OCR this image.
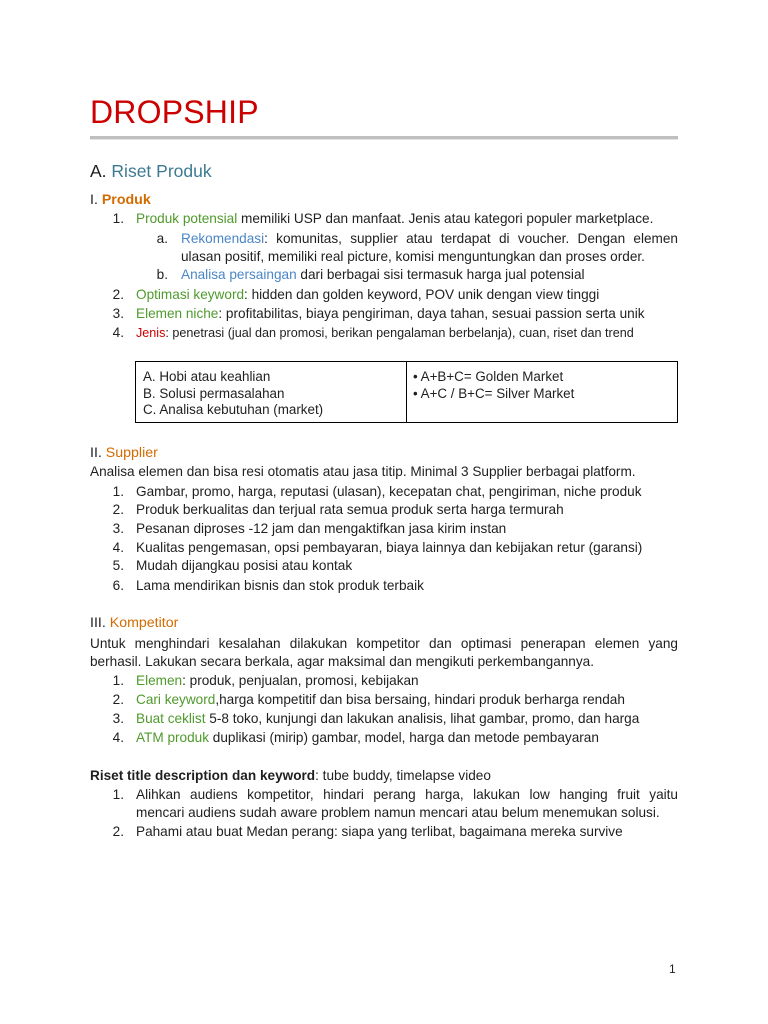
DROPSHIP
A. Riset Produk
I. Produk
1. Produk potensial memiliki USP dan manfaat. Jenis atau kategori populer marketplace.
a. Rekomendasi: komunitas, supplier atau terdapat di voucher. Dengan elemen
ulasan positif, memiliki real picture, komisi menguntungkan dan proses order.
b. Analisa persaingan dari berbagai sisi termasuk harga jual potensial
2. Optimasi keyword: hidden dan golden keyword, POV unik dengan view tinggi
3. Elemen niche: profitabilitas, biaya pengiriman, daya tahan, sesuai passion serta unik
4. Jenis: penetrasi (jual dan promosi, berikan pengalaman berbelanja), cuan, riset dan trend
A. Hobi atau keahlian
B. Solusi permasalahan
C. Analisa kebutuhan (market)
• A+B+C= Golden Market
• A+C / B+C= Silver Market
II. Supplier
Analisa elemen dan bisa resi otomatis atau jasa titip. Minimal 3 Supplier berbagai platform.
1. Gambar, promo, harga, reputasi (ulasan), kecepatan chat, pengiriman, niche produk
2. Produk berkualitas dan terjual rata semua produk serta harga termurah
3. Pesanan diproses -12 jam dan mengaktifkan jasa kirim instan
4. Kualitas pengemasan, opsi pembayaran, biaya lainnya dan kebijakan retur (garansi)
5. Mudah dijangkau posisi atau kontak
6. Lama mendirikan bisnis dan stok produk terbaik
III. Kompetitor
Untuk menghindari kesalahan dilakukan kompetitor dan optimasi penerapan elemen yang
berhasil. Lakukan secara berkala, agar maksimal dan mengikuti perkembangannya.
1. Elemen: produk, penjualan, promosi, kebijakan
2. Cari keyword,harga kompetitif dan bisa bersaing, hindari produk berharga rendah
3. Buat ceklist 5-8 toko, kunjungi dan lakukan analisis, lihat gambar, promo, dan harga
4. ATM produk duplikasi (mirip) gambar, model, harga dan metode pembayaran
Riset title description dan keyword: tube buddy, timelapse video
1. Alihkan audiens kompetitor, hindari perang harga, lakukan low hanging fruit yaitu
mencari audiens sudah aware problem namun mencari atau belum menemukan solusi.
2. Pahami atau buat Medan perang: siapa yang terlibat, bagaimana mereka survive
1
